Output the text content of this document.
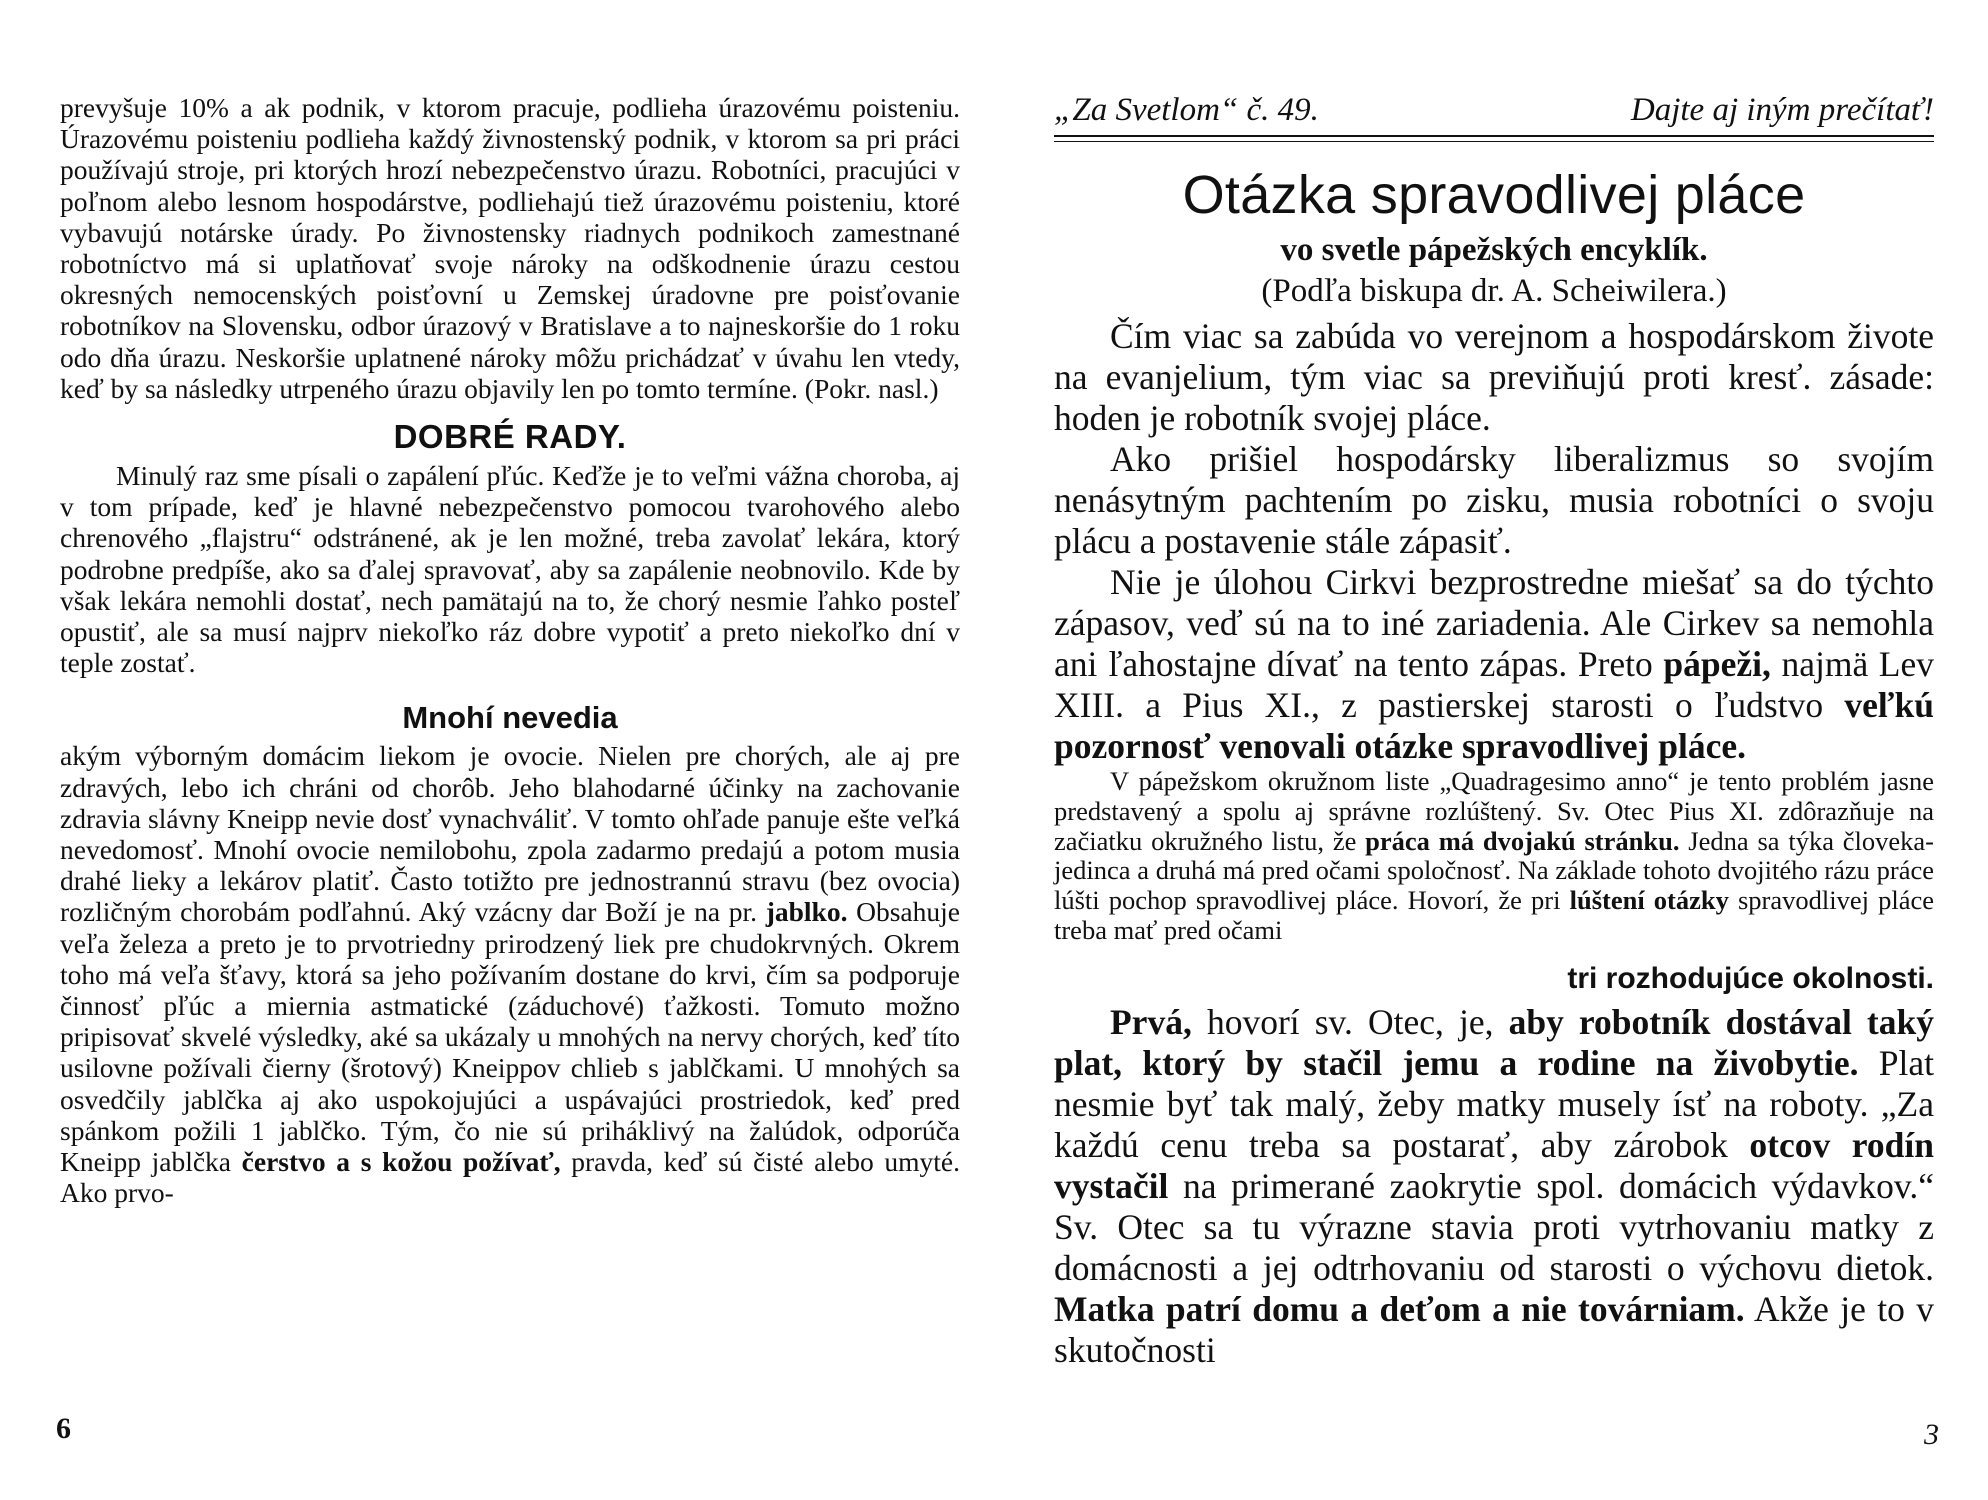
prevyšuje 10% a ak podnik, v ktorom pracuje, podlieha úrazovému poisteniu. Úrazovému poisteniu podlieha každý živnostenský podnik, v ktorom sa pri práci používajú stroje, pri ktorých hrozí nebezpečenstvo úrazu. Robotníci, pracujúci v poľnom alebo lesnom hospodárstve, podliehajú tiež úrazovému poisteniu, ktoré vybavujú notárske úrady. Po živnostensky riadnych podnikoch zamestnané robotníctvo má si uplatňovať svoje nároky na odškodnenie úrazu cestou okresných nemocenských poisťovní u Zemskej úradovne pre poisťovanie robotníkov na Slovensku, odbor úrazový v Bratislave a to najneskoršie do 1 roku odo dňa úrazu. Neskoršie uplatnené nároky môžu prichádzať v úvahu len vtedy, keď by sa následky utrpeného úrazu objavily len po tomto termíne. (Pokr. nasl.)

DOBRÉ RADY.

Minulý raz sme písali o zapálení pľúc. Keďže je to veľmi vážna choroba, aj v tom prípade, keď je hlavné nebezpečenstvo pomocou tvarohového alebo chrenového „flajstru“ odstránené, ak je len možné, treba zavolať lekára, ktorý podrobne predpíše, ako sa ďalej spravovať, aby sa zapálenie neobnovilo. Kde by však lekára nemohli dostať, nech pamätajú na to, že chorý nesmie ľahko posteľ opustiť, ale sa musí najprv niekoľko ráz dobre vypotiť a preto niekoľko dní v teple zostať.

Mnohí nevedia

akým výborným domácim liekom je ovocie. Nielen pre chorých, ale aj pre zdravých, lebo ich chráni od chorôb. Jeho blahodarné účinky na zachovanie zdravia slávny Kneipp nevie dosť vynachváliť. V tomto ohľade panuje ešte veľká nevedomosť. Mnohí ovocie nemilobohu, zpola zadarmo predajú a potom musia drahé lieky a lekárov platiť. Často totižto pre jednostrannú stravu (bez ovocia) rozličným chorobám podľahnú. Aký vzácny dar Boží je na pr. jablko. Obsahuje veľa železa a preto je to prvotriedny prirodzený liek pre chudokrvných. Okrem toho má veľa šťavy, ktorá sa jeho požívaním dostane do krvi, čím sa podporuje činnosť pľúc a miernia astmatické (záduchové) ťažkosti. Tomuto možno pripisovať skvelé výsledky, aké sa ukázaly u mnohých na nervy chorých, keď títo usilovne požívali čierny (šrotový) Kneippov chlieb s jablčkami. U mnohých sa osvedčily jablčka aj ako uspokojujúci a uspávajúci prostriedok, keď pred spánkom požili 1 jablčko. Tým, čo nie sú priháklivý na žalúdok, odporúča Kneipp jablčka čerstvo a s kožou požívať, pravda, keď sú čisté alebo umyté. Ako prvo-

6
„Za Svetlom“ č. 49.	Dajte aj iným prečítať!
Otázka spravodlivej pláce
vo svetle pápežských encyklík.
(Podľa biskupa dr. A. Scheiwilera.)

Čím viac sa zabúda vo verejnom a hospodárskom živote na evanjelium, tým viac sa previňujú proti kresť. zásade: hoden je robotník svojej pláce.

Ako prišiel hospodársky liberalizmus so svojím nenásytným pachtením po zisku, musia robotníci o svoju plácu a postavenie stále zápasiť.

Nie je úlohou Cirkvi bezprostredne miešať sa do týchto zápasov, veď sú na to iné zariadenia. Ale Cirkev sa nemohla ani ľahostajne dívať na tento zápas. Preto pápeži, najmä Lev XIII. a Pius XI., z pastierskej starosti o ľudstvo veľkú pozornosť venovali otázke spravodlivej pláce.

V pápežskom okružnom liste „Quadragesimo anno“ je tento problém jasne predstavený a spolu aj správne rozlúštený. Sv. Otec Pius XI. zdôrazňuje na začiatku okružného listu, že práca má dvojakú stránku. Jedna sa týka človeka-jedinca a druhá má pred očami spoločnosť. Na základe tohoto dvojitého rázu práce lúšti pochop spravodlivej pláce. Hovorí, že pri lúštení otázky spravodlivej pláce treba mať pred očami

tri rozhodujúce okolnosti.

Prvá, hovorí sv. Otec, je, aby robotník dostával taký plat, ktorý by stačil jemu a rodine na živobytie. Plat nesmie byť tak malý, žeby matky musely ísť na roboty. „Za každú cenu treba sa postarať, aby zárobok otcov rodín vystačil na primerané zaokrytie spol. domácich výdavkov.“ Sv. Otec sa tu výrazne stavia proti vytrhovaniu matky z domácnosti a jej odtrhovaniu od starosti o výchovu dietok. Matka patrí domu a deťom a nie továrniam. Akže je to v skutočnosti

3
